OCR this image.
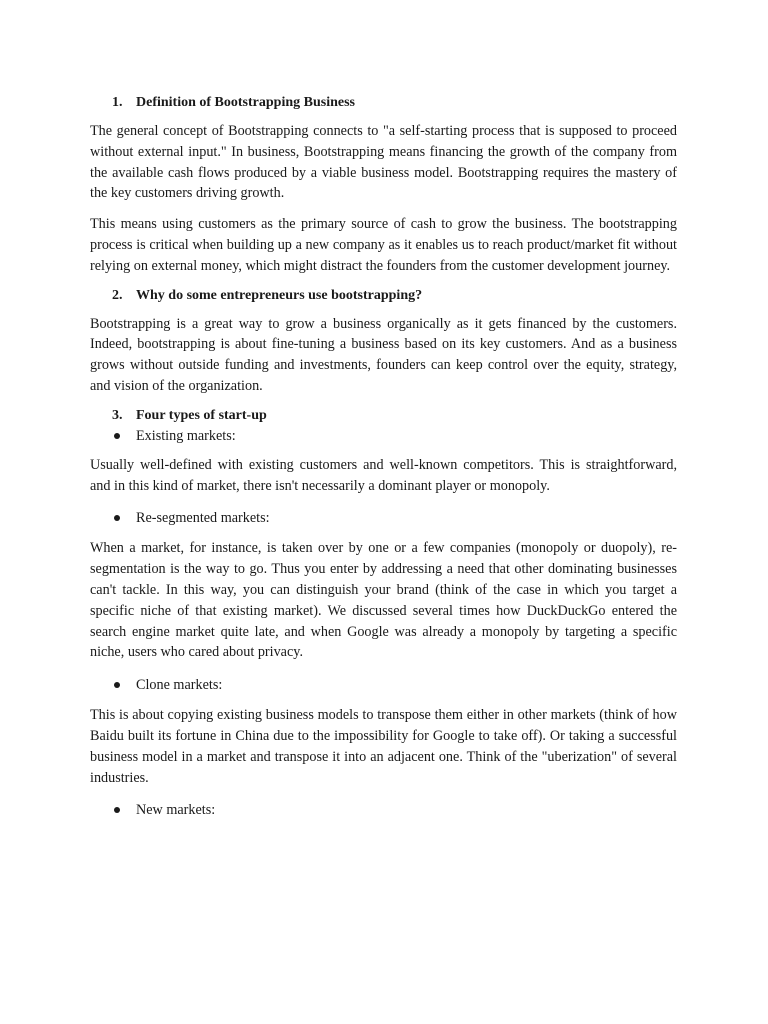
1. Definition of Bootstrapping Business

The general concept of Bootstrapping connects to "a self-starting process that is supposed to proceed without external input." In business, Bootstrapping means financing the growth of the company from the available cash flows produced by a viable business model. Bootstrapping requires the mastery of the key customers driving growth.

This means using customers as the primary source of cash to grow the business. The bootstrapping process is critical when building up a new company as it enables us to reach product/market fit without relying on external money, which might distract the founders from the customer development journey.

2. Why do some entrepreneurs use bootstrapping?

Bootstrapping is a great way to grow a business organically as it gets financed by the customers. Indeed, bootstrapping is about fine-tuning a business based on its key customers. And as a business grows without outside funding and investments, founders can keep control over the equity, strategy, and vision of the organization.

3. Four types of start-up
Existing markets:

Usually well-defined with existing customers and well-known competitors. This is straightforward, and in this kind of market, there isn't necessarily a dominant player or monopoly.

Re-segmented markets:

When a market, for instance, is taken over by one or a few companies (monopoly or duopoly), re-segmentation is the way to go. Thus you enter by addressing a need that other dominating businesses can't tackle. In this way, you can distinguish your brand (think of the case in which you target a specific niche of that existing market). We discussed several times how DuckDuckGo entered the search engine market quite late, and when Google was already a monopoly by targeting a specific niche, users who cared about privacy.

Clone markets:

This is about copying existing business models to transpose them either in other markets (think of how Baidu built its fortune in China due to the impossibility for Google to take off). Or taking a successful business model in a market and transpose it into an adjacent one. Think of the "uberization" of several industries.

New markets:
